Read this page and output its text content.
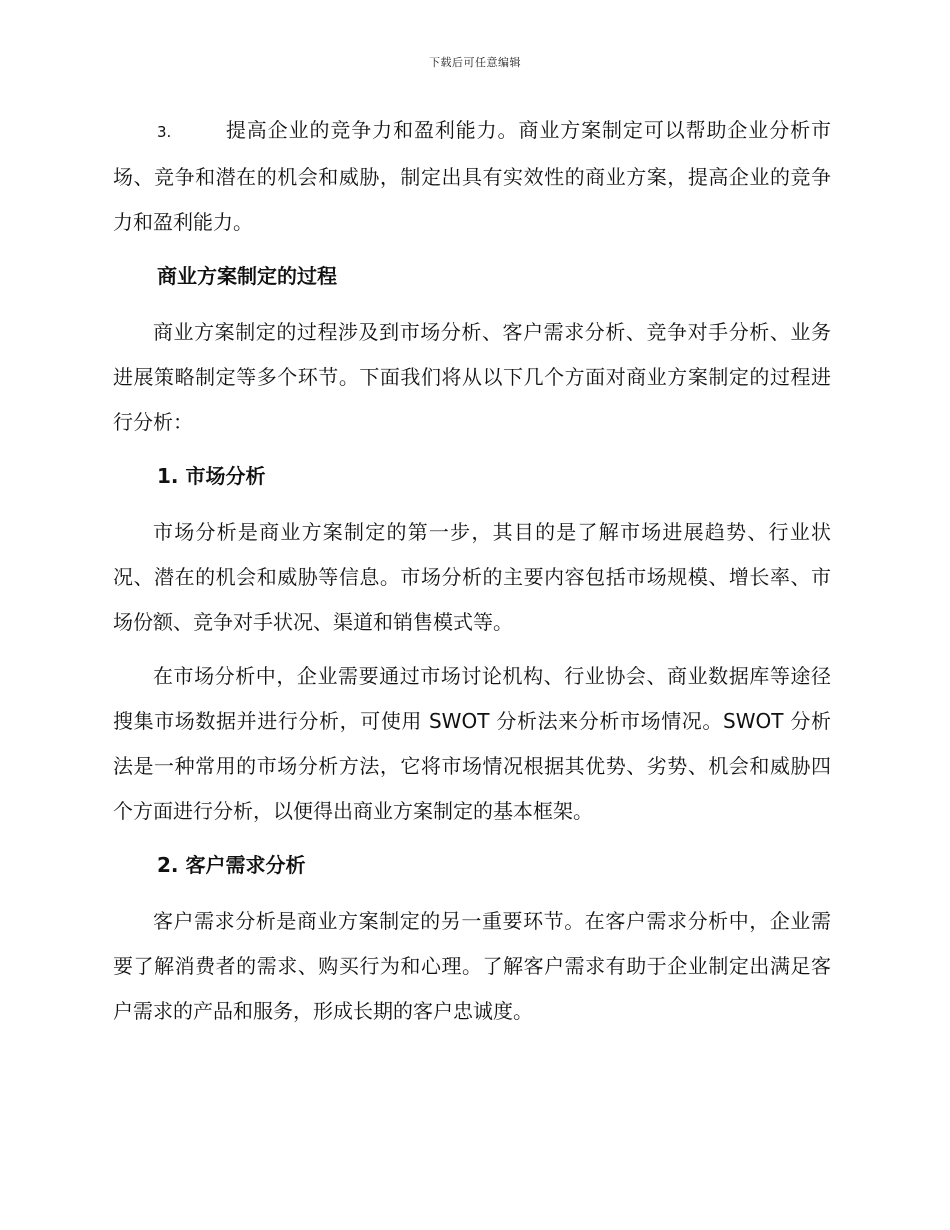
下载后可任意编辑

3.	提高企业的竞争力和盈利能力。商业方案制定可以帮助企业分析市场、竞争和潜在的机会和威胁，制定出具有实效性的商业方案，提高企业的竞争力和盈利能力。

商业方案制定的过程

商业方案制定的过程涉及到市场分析、客户需求分析、竞争对手分析、业务进展策略制定等多个环节。下面我们将从以下几个方面对商业方案制定的过程进行分析：

1. 市场分析

市场分析是商业方案制定的第一步，其目的是了解市场进展趋势、行业状况、潜在的机会和威胁等信息。市场分析的主要内容包括市场规模、增长率、市场份额、竞争对手状况、渠道和销售模式等。

在市场分析中，企业需要通过市场讨论机构、行业协会、商业数据库等途径搜集市场数据并进行分析，可使用 SWOT 分析法来分析市场情况。SWOT 分析法是一种常用的市场分析方法，它将市场情况根据其优势、劣势、机会和威胁四个方面进行分析，以便得出商业方案制定的基本框架。

2. 客户需求分析

客户需求分析是商业方案制定的另一重要环节。在客户需求分析中，企业需要了解消费者的需求、购买行为和心理。了解客户需求有助于企业制定出满足客户需求的产品和服务，形成长期的客户忠诚度。
